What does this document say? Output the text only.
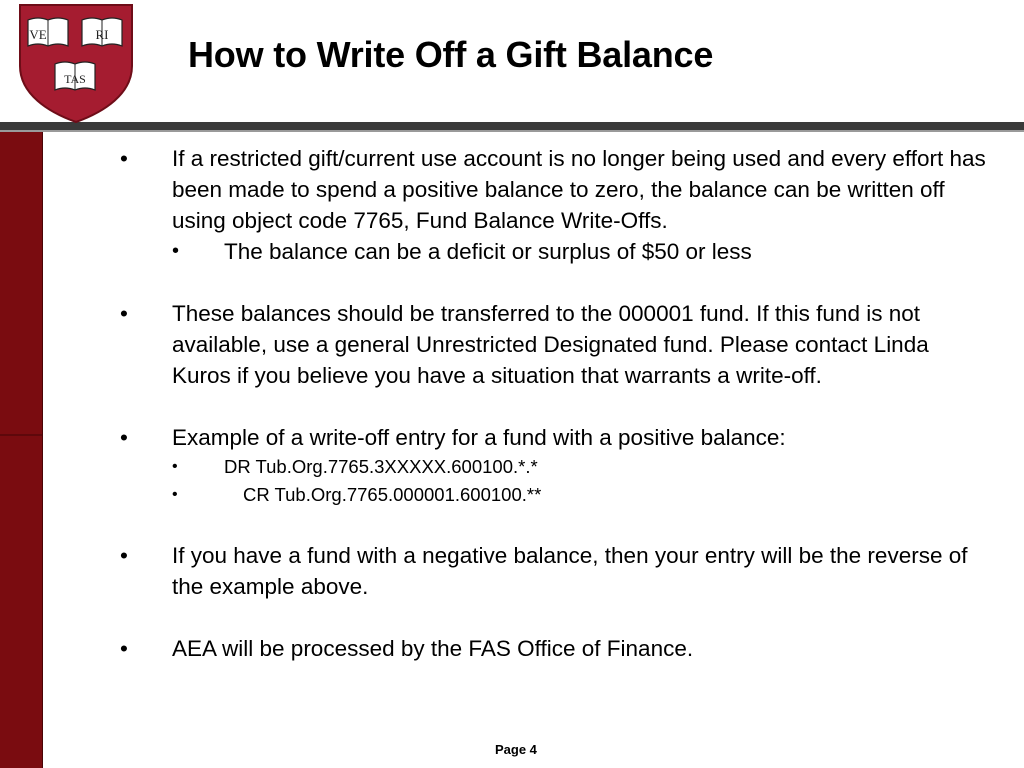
VE	RI
TAS
How to Write Off a Gift Balance

• If a restricted gift/current use account is no longer being used and every effort has been made to spend a positive balance to zero, the balance can be written off using object code 7765, Fund Balance Write-Offs.

• The balance can be a deficit or surplus of $50 or less

• These balances should be transferred to the 000001 fund. If this fund is not available, use a general Unrestricted Designated fund. Please contact Linda Kuros if you believe you have a situation that warrants a write-off.

• Example of a write-off entry for a fund with a positive balance:

•	DR Tub.Org.7765.3XXXXX.600100.*.*

•	CR Tub.Org.7765.000001.600100.**

• If you have a fund with a negative balance, then your entry will be the reverse of the example above.

• AEA will be processed by the FAS Office of Finance.

Page 4
